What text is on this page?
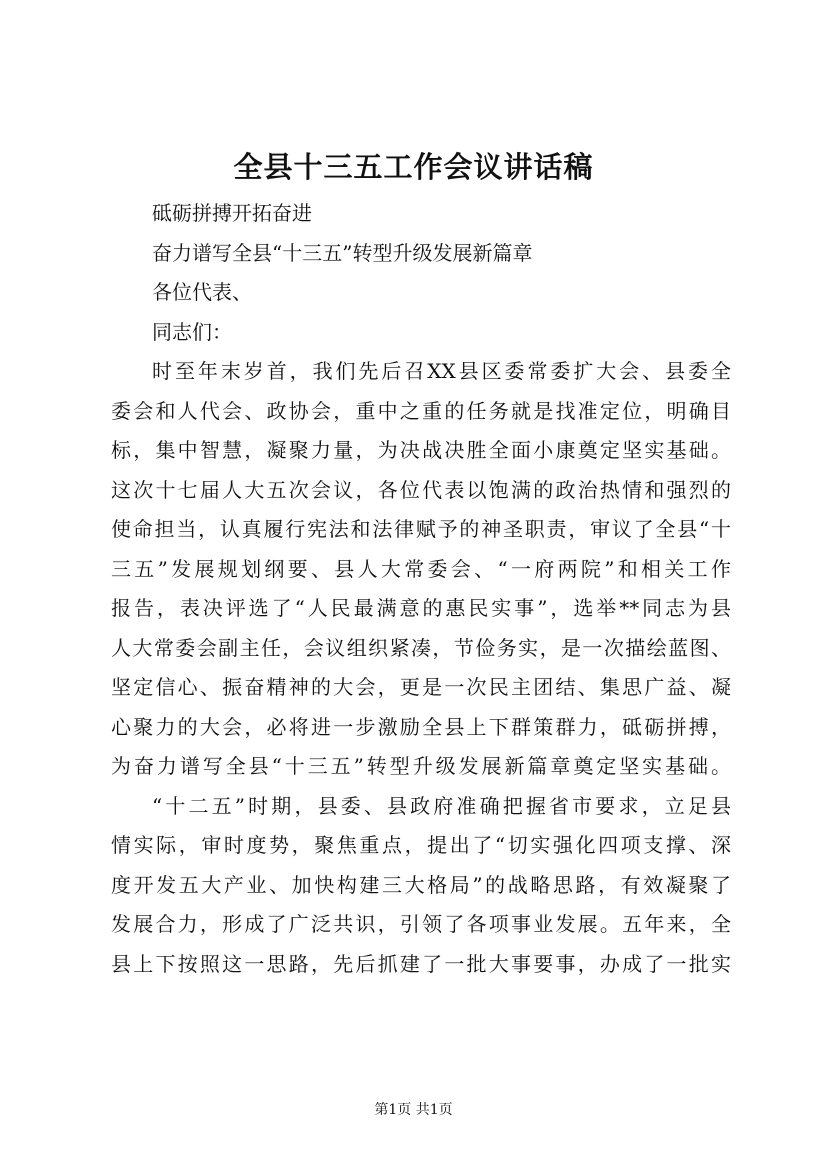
全县十三五工作会议讲话稿
砥砺拼搏开拓奋进
奋力谱写全县“十三五”转型升级发展新篇章
各位代表、
同志们：
时至年末岁首，我们先后召XX县区委常委扩大会、县委全
委会和人代会、政协会，重中之重的任务就是找准定位，明确目
标，集中智慧，凝聚力量，为决战决胜全面小康奠定坚实基础。
这次十七届人大五次会议，各位代表以饱满的政治热情和强烈的
使命担当，认真履行宪法和法律赋予的神圣职责，审议了全县“十
三五”发展规划纲要、县人大常委会、“一府两院”和相关工作
报告，表决评选了“人民最满意的惠民实事”，选举**同志为县
人大常委会副主任，会议组织紧凑，节俭务实，是一次描绘蓝图、
坚定信心、振奋精神的大会，更是一次民主团结、集思广益、凝
心聚力的大会，必将进一步激励全县上下群策群力，砥砺拼搏，
为奋力谱写全县“十三五”转型升级发展新篇章奠定坚实基础。
“十二五”时期，县委、县政府准确把握省市要求，立足县
情实际，审时度势，聚焦重点，提出了“切实强化四项支撑、深
度开发五大产业、加快构建三大格局”的战略思路，有效凝聚了
发展合力，形成了广泛共识，引领了各项事业发展。五年来，全
县上下按照这一思路，先后抓建了一批大事要事，办成了一批实
第1页 共1页
